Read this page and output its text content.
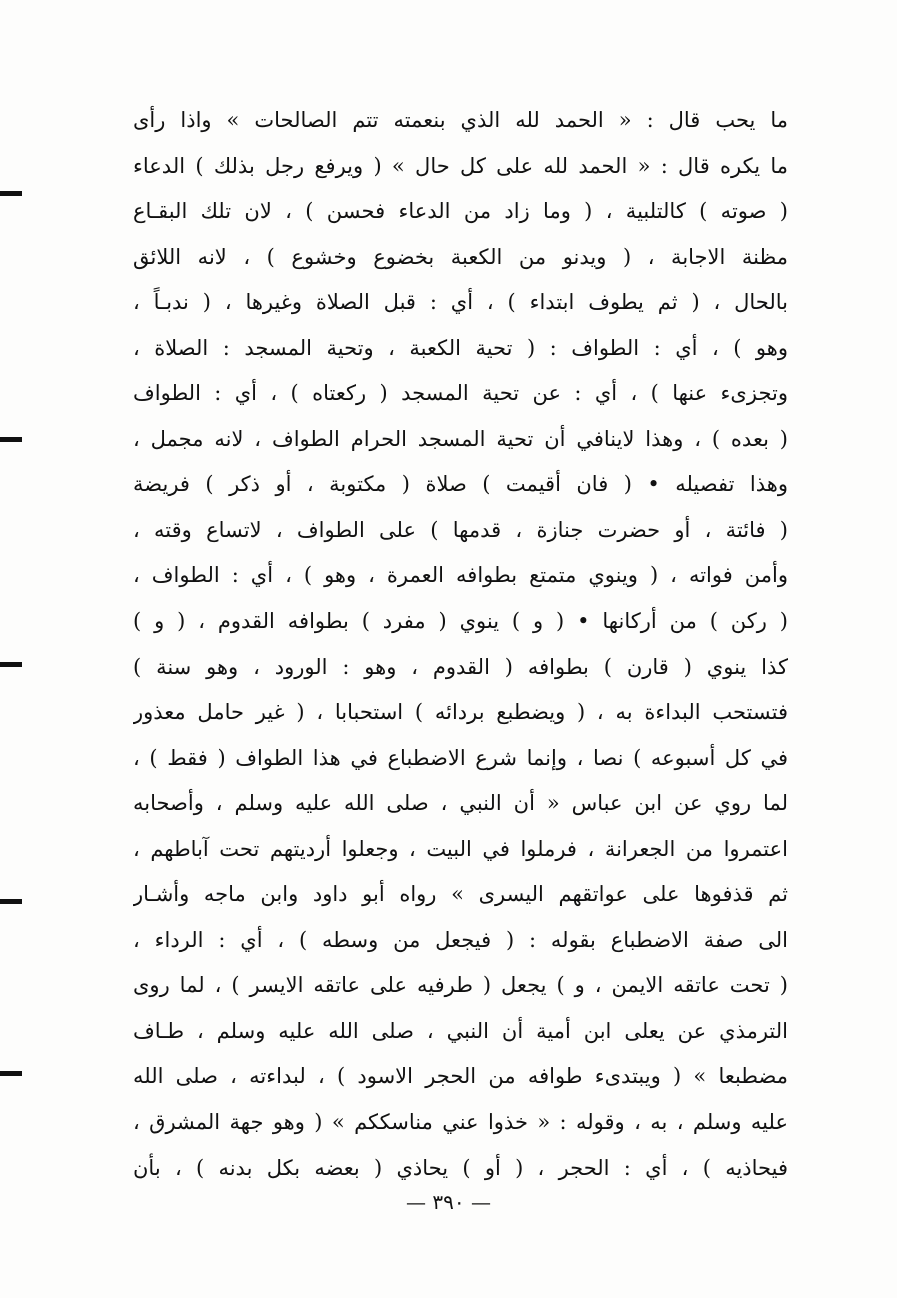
ما يحب قال : « الحمد لله الذي بنعمته تتم الصالحات » واذا رأى
ما يكره قال : « الحمد لله على كل حال » ( ويرفع رجل بذلك ) الدعاء
( صوته ) كالتلبية ، ( وما زاد من الدعاء فحسن ) ، لان تلك البقـاع
مظنة الاجابة ، ( ويدنو من الكعبة بخضوع وخشوع ) ، لانه اللائق
بالحال ، ( ثم يطوف ابتداء ) ، أي : قبل الصلاة وغيرها ، ( ندبـاً ،
وهو ) ، أي : الطواف : ( تحية الكعبة ، وتحية المسجد : الصلاة ،
وتجزىء عنها ) ، أي : عن تحية المسجد ( ركعتاه ) ، أي : الطواف
( بعده ) ، وهذا لاينافي أن تحية المسجد الحرام الطواف ، لانه مجمل ،
وهذا تفصيله • ( فان أقيمت ) صلاة ( مكتوبة ، أو ذكر ) فريضة
( فائتة ، أو حضرت جنازة ، قدمها ) على الطواف ، لاتساع وقته ،
وأمن فواته ، ( وينوي متمتع بطوافه العمرة ، وهو ) ، أي : الطواف ،
( ركن ) من أركانها • ( و ) ينوي ( مفرد ) بطوافه القدوم ، ( و )
كذا ينوي ( قارن ) بطوافه ( القدوم ، وهو : الورود ، وهو سنة )
فتستحب البداءة به ، ( ويضطبع بردائه ) استحبابا ، ( غير حامل معذور
في كل أسبوعه ) نصا ، وإنما شرع الاضطباع في هذا الطواف ( فقط ) ،
لما روي عن ابن عباس « أن النبي ، صلى الله عليه وسلم ، وأصحابه
اعتمروا من الجعرانة ، فرملوا في البيت ، وجعلوا أرديتهم تحت آباطهم ،
ثم قذفوها على عواتقهم اليسرى » رواه أبو داود وابن ماجه وأشـار
الى صفة الاضطباع بقوله : ( فيجعل من وسطه ) ، أي : الرداء ،
( تحت عاتقه الايمن ، و ) يجعل ( طرفيه على عاتقه الايسر ) ، لما روى
الترمذي عن يعلى ابن أمية أن النبي ، صلى الله عليه وسلم ، طـاف
مضطبعا » ( ويبتدىء طوافه من الحجر الاسود ) ، لبداءته ، صلى الله
عليه وسلم ، به ، وقوله : « خذوا عني مناسككم » ( وهو جهة المشرق ،
فيحاذيه ) ، أي : الحجر ، ( أو ) يحاذي ( بعضه بكل بدنه ) ، بأن
— ٣٩٠ —
